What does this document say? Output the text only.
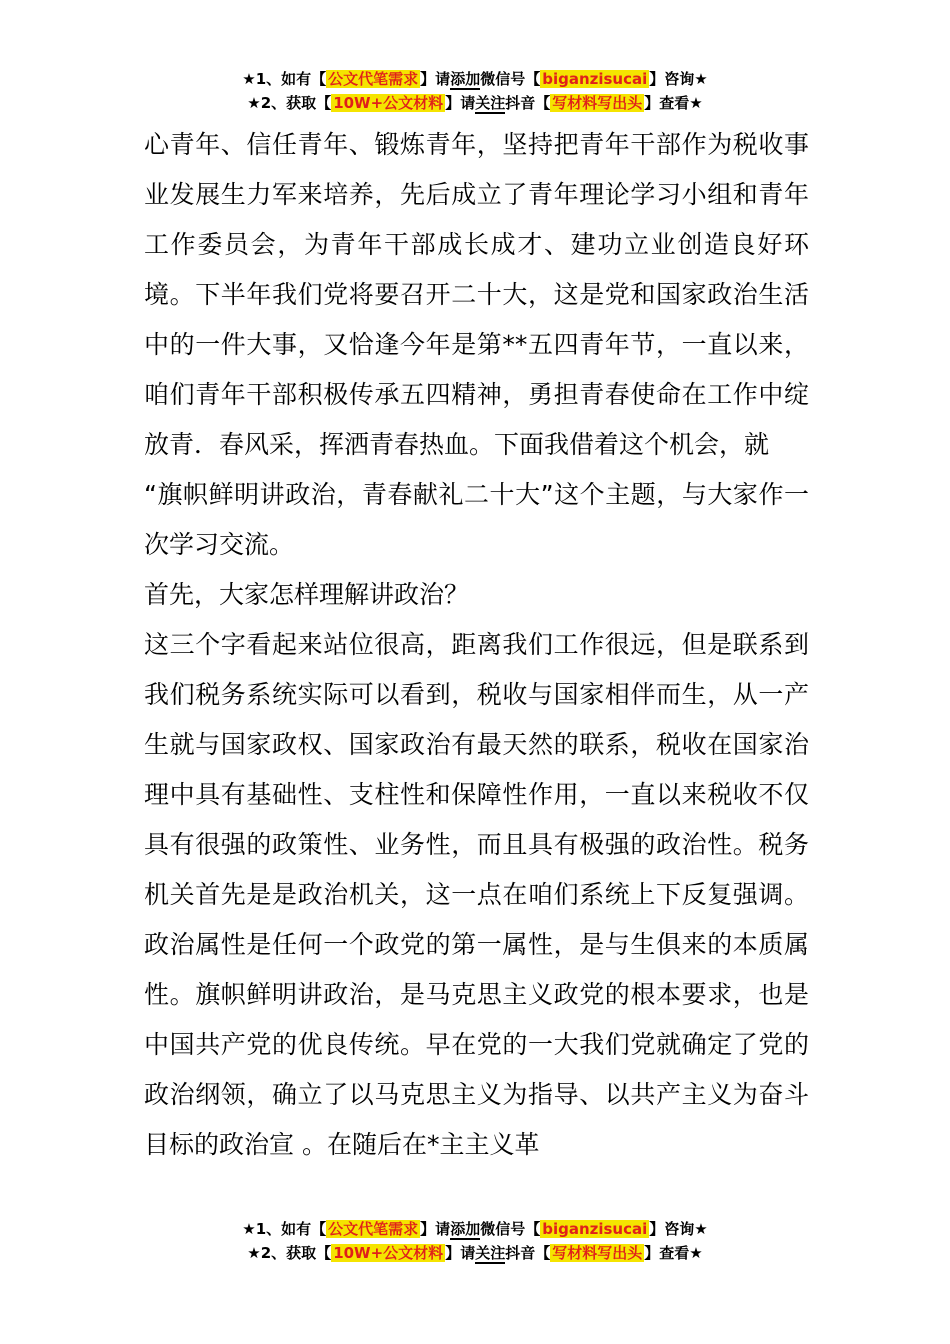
★1、如有【 公文代笔需求 】请添加微信号【 biganzisucai 】咨询★
★2、获取【 10W+公文材料 】请关注抖音【 写材料写出头 】查看★

心青年、信任青年、锻炼青年，坚持把青年干部作为税收事业发展生力军来培养，先后成立了青年理论学习小组和青年工作委员会，为青年干部成长成才、建功立业创造良好环境。下半年我们党将要召开二十大，这是党和国家政治生活中的一件大事，又恰逢今年是第**五四青年节，一直以来，咱们青年干部积极传承五四精神，勇担青春使命在工作中绽放青．春风采，挥洒青春热血。下面我借着这个机会，就

“旗帜鲜明讲政治，青春献礼二十大”这个主题，与大家作一次学习交流。

首先，大家怎样理解讲政治？

这三个字看起来站位很高，距离我们工作很远，但是联系到我们税务系统实际可以看到，税收与国家相伴而生，从一产生就与国家政权、国家政治有最天然的联系，税收在国家治理中具有基础性、支柱性和保障性作用，一直以来税收不仅具有很强的政策性、业务性，而且具有极强的政治性。税务机关首先是是政治机关，这一点在咱们系统上下反复强调。政治属性是任何一个政党的第一属性，是与生俱来的本质属性。旗帜鲜明讲政治，是马克思主义政党的根本要求，也是中国共产党的优良传统。早在党的一大我们党就确定了党的政治纲领，确立了以马克思主义为指导、以共产主义为奋斗目标的政治宣 。在随后在*主主义革

★1、如有【 公文代笔需求 】请添加微信号【 biganzisucai 】咨询★
★2、获取【 10W+公文材料 】请关注抖音【 写材料写出头 】查看★
